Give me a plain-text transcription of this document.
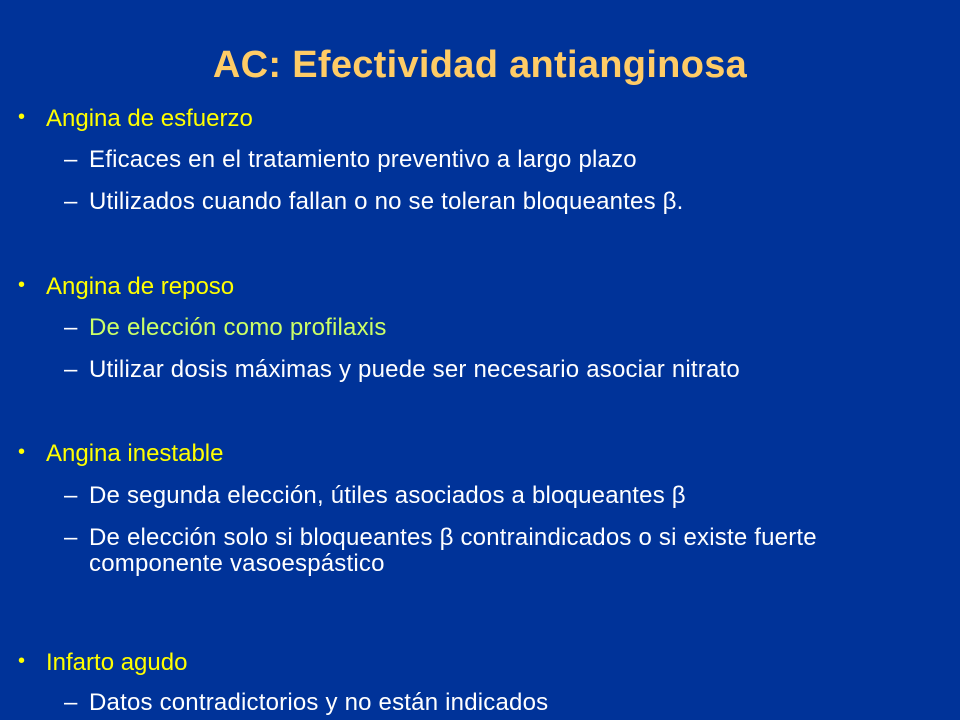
AC: Efectividad antianginosa
• Angina de esfuerzo
– Eficaces en el tratamiento preventivo a largo plazo
– Utilizados cuando fallan o no se toleran bloqueantes β.
• Angina de reposo
– De elección como profilaxis
– Utilizar dosis máximas y puede ser necesario asociar nitrato
• Angina inestable
– De segunda elección, útiles asociados a bloqueantes β
– De elección solo si bloqueantes β contraindicados o si existe fuerte componente vasoespástico
• Infarto agudo
– Datos contradictorios y no están indicados
